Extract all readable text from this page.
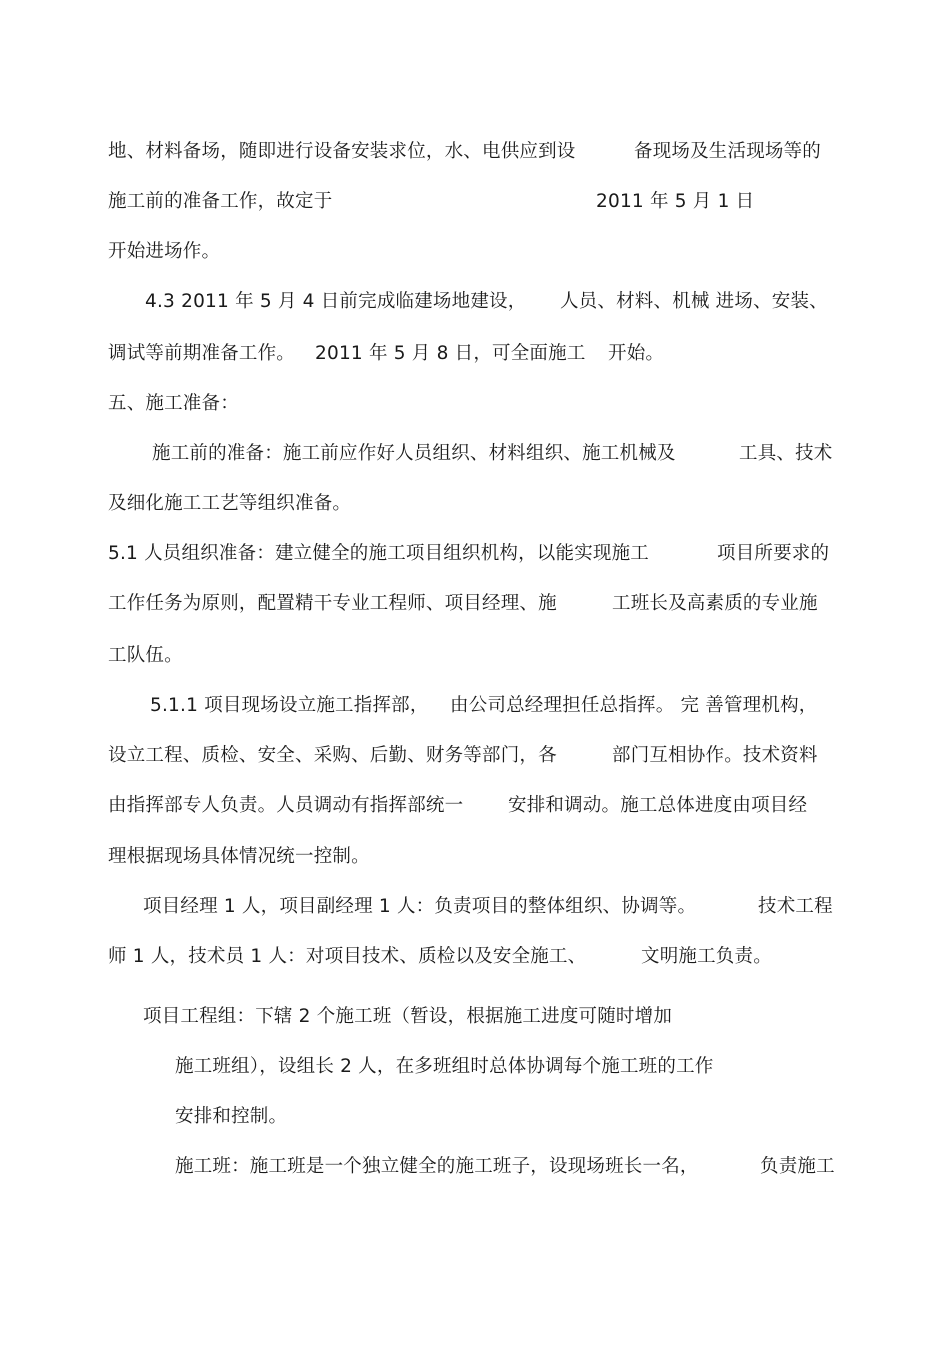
地、材料备场，随即进行设备安装求位，水、电供应到设	备现场及生活现场等的
施工前的准备工作，故定于	2011 年 5 月 1 日
开始进场作。
4.3 2011 年 5 月 4 日前完成临建场地建设， 人员、材料、机械 进场、安装、
调试等前期准备工作。 2011 年 5 月 8 日，可全面施工 开始。
五、施工准备：
施工前的准备：施工前应作好人员组织、材料组织、施工机械及	工具、技术
及细化施工工艺等组织准备。
5.1 人员组织准备：建立健全的施工项目组织机构，以能实现施工	项目所要求的
工作任务为原则，配置精干专业工程师、项目经理、施	工班长及高素质的专业施
工队伍。
5.1.1 项目现场设立施工指挥部， 由公司总经理担任总指挥。 完 善管理机构，
设立工程、质检、安全、采购、后勤、财务等部门，各	部门互相协作。技术资料
由指挥部专人负责。人员调动有指挥部统一 安排和调动。施工总体进度由项目经
理根据现场具体情况统一控制。
项目经理 1 人，项目副经理 1 人：负责项目的整体组织、协调等。	技术工程
师 1 人，技术员 1 人：对项目技术、质检以及安全施工、	文明施工负责。
项目工程组：下辖 2 个施工班（暂设，根据施工进度可随时增加
施工班组），设组长 2 人，在多班组时总体协调每个施工班的工作
安排和控制。
施工班：施工班是一个独立健全的施工班子，设现场班长一名，	负责施工
